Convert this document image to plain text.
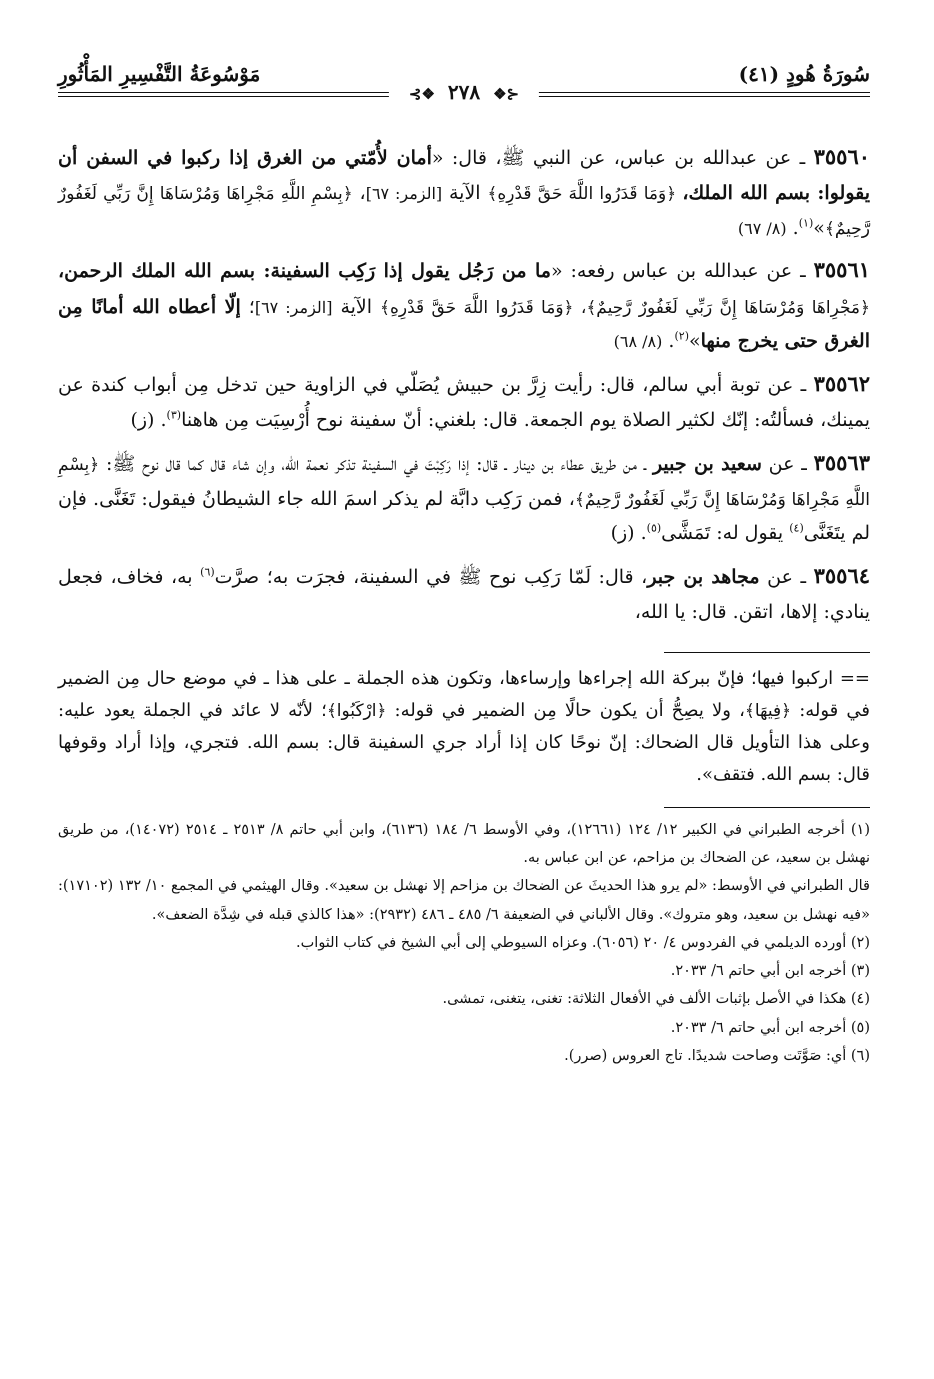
سُورَةُ هُودٍ (٤١)
مَوْسُوعَةُ التَّفْسِيرِ المَأْثُورِ
⊰❖ ٢٧٨ ❖⊱

٣٥٥٦٠ ـ عن عبدالله بن عباس، عن النبي ﷺ، قال: «أمان لأُمّتي من الغرق إذا ركبوا في السفن أن يقولوا: بسم الله الملك، ﴿وَمَا قَدَرُوا اللَّهَ حَقَّ قَدْرِهِ﴾ الآية [الزمر: ٦٧]، ﴿بِسْمِ اللَّهِ مَجْرِاهَا وَمُرْسَاهَا إِنَّ رَبِّي لَغَفُورٌ رَّحِيمٌ﴾»$^{(١)}$. (٨/ ٦٧)

٣٥٥٦١ ـ عن عبدالله بن عباس رفعه: «ما من رَجُل يقول إذا رَكِب السفينة: بسم الله الملك الرحمن، ﴿مَجْرِاهَا وَمُرْسَاهَا إِنَّ رَبِّي لَغَفُورٌ رَّحِيمٌ﴾، ﴿وَمَا قَدَرُوا اللَّهَ حَقَّ قَدْرِهِ﴾ الآية [الزمر: ٦٧]؛ إلّا أعطاه الله أمانًا مِن الغرق حتى يخرج منها»$^{(٢)}$. (٨/ ٦٨)

٣٥٥٦٢ ـ عن توبة أبي سالم، قال: رأيت زِرَّ بن حبيش يُصَلّي في الزاوية حين تدخل مِن أبواب كندة عن يمينك، فسألتُه: إنّك لكثير الصلاة يوم الجمعة. قال: بلغني: أنّ سفينة نوح أُرْسِيَت مِن هاهنا$^{(٣)}$. (ز)

٣٥٥٦٣ ـ عن سعيد بن جبير ـ من طريق عطاء بن دينار ـ قال: إذا رَكِبْتَ في السفينة تذكر نعمة الله، وإن شاء قال كما قال نوح ﷺ: ﴿بِسْمِ اللَّهِ مَجْرِاهَا وَمُرْسَاهَا إِنَّ رَبِّي لَغَفُورٌ رَّحِيمٌ﴾، فمن رَكِب دابَّة لم يذكر اسمَ الله جاء الشيطانُ فيقول: تَغَنَّى. فإن لم يتَغَنَّى$^{(٤)}$ يقول له: تَمَشَّى$^{(٥)}$. (ز)

٣٥٥٦٤ ـ عن مجاهد بن جبر، قال: لَمّا رَكِب نوح ﷺ في السفينة، فجرَت به؛ صرَّت$^{(٦)}$ به، فخاف، فجعل ينادي: إلاها، اتقن. قال: يا الله،

== اركبوا فيها؛ فإنّ ببركة الله إجراءها وإرساءها، وتكون هذه الجملة ـ على هذا ـ في موضع حال مِن الضمير في قوله: ﴿فِيهَا﴾، ولا يصِحُّ أن يكون حالًا مِن الضمير في قوله: ﴿ارْكَبُوا﴾؛ لأنّه لا عائد في الجملة يعود عليه: وعلى هذا التأويل قال الضحاك: إنّ نوحًا كان إذا أراد جري السفينة قال: بسم الله. فتجري، وإذا أراد وقوفها قال: بسم الله. فتقف».

(١) أخرجه الطبراني في الكبير ١٢/ ١٢٤ (١٢٦٦١)، وفي الأوسط ٦/ ١٨٤ (٦١٣٦)، وابن أبي حاتم ٨/ ٢٥١٣ ـ ٢٥١٤ (١٤٠٧٢)، من طريق نهشل بن سعيد، عن الضحاك بن مزاحم، عن ابن عباس به.

قال الطبراني في الأوسط: «لم يرو هذا الحديثَ عن الضحاك بن مزاحم إلا نهشل بن سعيد». وقال الهيثمي في المجمع ١٠/ ١٣٢ (١٧١٠٢): «فيه نهشل بن سعيد، وهو متروك». وقال الألباني في الضعيفة ٦/ ٤٨٥ ـ ٤٨٦ (٢٩٣٢): «هذا كالذي قبله في شِدَّة الضعف».

(٢) أورده الديلمي في الفردوس ٤/ ٢٠ (٦٠٥٦). وعزاه السيوطي إلى أبي الشيخ في كتاب الثواب.

(٣) أخرجه ابن أبي حاتم ٦/ ٢٠٣٣.

(٤) هكذا في الأصل بإثبات الألف في الأفعال الثلاثة: تغنى، يتغنى، تمشى.

(٥) أخرجه ابن أبي حاتم ٦/ ٢٠٣٣.

(٦) أي: صَوَّتَت وصاحت شديدًا. تاج العروس (صرر).
